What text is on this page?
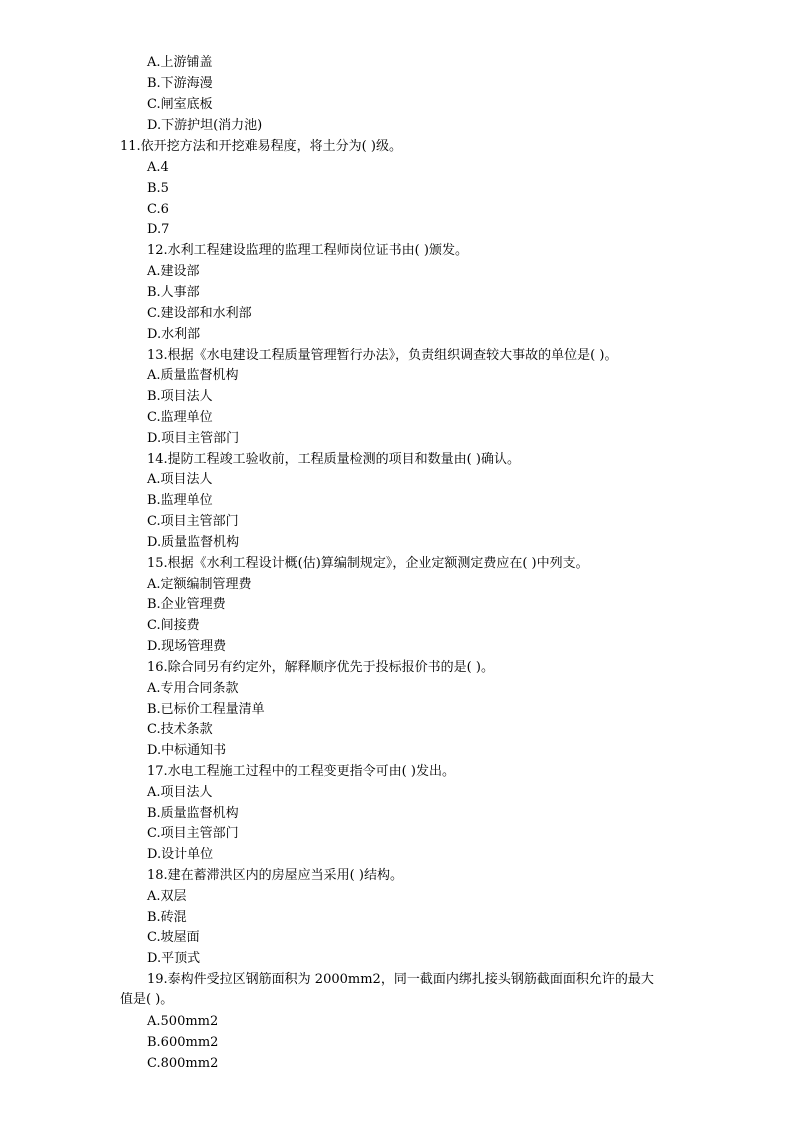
A.上游铺盖
B.下游海漫
C.闸室底板
D.下游护坦(消力池)
11.依开挖方法和开挖难易程度，将土分为( )级。
A.4
B.5
C.6
D.7
12.水利工程建设监理的监理工程师岗位证书由( )颁发。
A.建设部
B.人事部
C.建设部和水利部
D.水利部
13.根据《水电建设工程质量管理暂行办法》，负责组织调查较大事故的单位是( )。
A.质量监督机构
B.项目法人
C.监理单位
D.项目主管部门
14.提防工程竣工验收前，工程质量检测的项目和数量由( )确认。
A.项目法人
B.监理单位
C.项目主管部门
D.质量监督机构
15.根据《水利工程设计概(估)算编制规定》，企业定额测定费应在( )中列支。
A.定额编制管理费
B.企业管理费
C.间接费
D.现场管理费
16.除合同另有约定外，解释顺序优先于投标报价书的是( )。
A.专用合同条款
B.已标价工程量清单
C.技术条款
D.中标通知书
17.水电工程施工过程中的工程变更指令可由( )发出。
A.项目法人
B.质量监督机构
C.项目主管部门
D.设计单位
18.建在蓄滞洪区内的房屋应当采用( )结构。
A.双层
B.砖混
C.坡屋面
D.平顶式
19.泰构件受拉区钢筋面积为 2000mm2，同一截面内绑扎接头钢筋截面面积允许的最大
值是( )。
A.500mm2
B.600mm2
C.800mm2
